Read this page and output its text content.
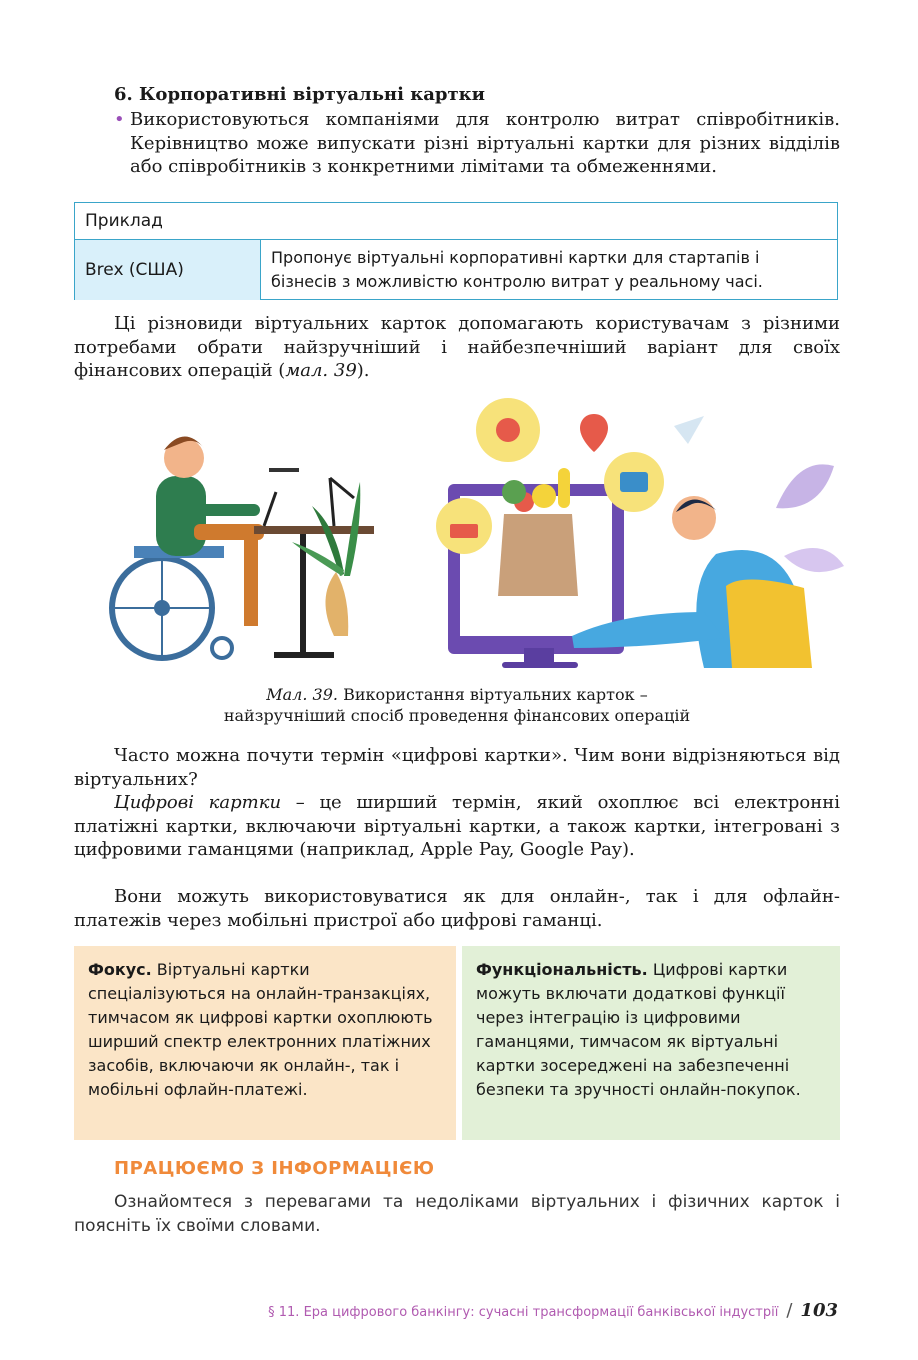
6. Корпоративні віртуальні картки
• Використовуються компаніями для контролю витрат співробітників. Керівництво може випускати різні віртуальні картки для різних відділів або співробітників з конкретними лімітами та обмеженнями.
Приклад
Brex (США)
Пропонує віртуальні корпоративні картки для стартапів і бізнесів з можливістю контролю витрат у реальному часі.
Ці різновиди віртуальних карток допомагають користувачам з різними потребами обрати найзручніший і найбезпечніший варіант для своїх фінансових операцій (мал. 39).
Мал. 39. Використання віртуальних карток –
найзручніший спосіб проведення фінансових операцій
Часто можна почути термін «цифрові картки». Чим вони відрізняються від віртуальних?
Цифрові картки – це ширший термін, який охоплює всі електронні платіжні картки, включаючи віртуальні картки, а також картки, інтегровані з цифровими гаманцями (наприклад, Apple Pay, Google Pay).
Вони можуть використовуватися як для онлайн-, так і для офлайн-платежів через мобільні пристрої або цифрові гаманці.
Фокус. Віртуальні картки спеціалізуються на онлайн-транзакціях, тимчасом як цифрові картки охоплюють ширший спектр електронних платіжних засобів, включаючи як онлайн-, так і мобільні офлайн-платежі.
Функціональність. Цифрові картки можуть включати додаткові функції через інтеграцію із цифровими гаманцями, тимчасом як віртуальні картки зосереджені на забезпеченні безпеки та зручності онлайн-покупок.
ПРАЦЮЄМО З ІНФОРМАЦІЄЮ
Ознайомтеся з перевагами та недоліками віртуальних і фізичних карток і поясніть їх своїми словами.
§ 11. Ера цифрового банкінгу: сучасні трансформації банківської індустрії / 103
